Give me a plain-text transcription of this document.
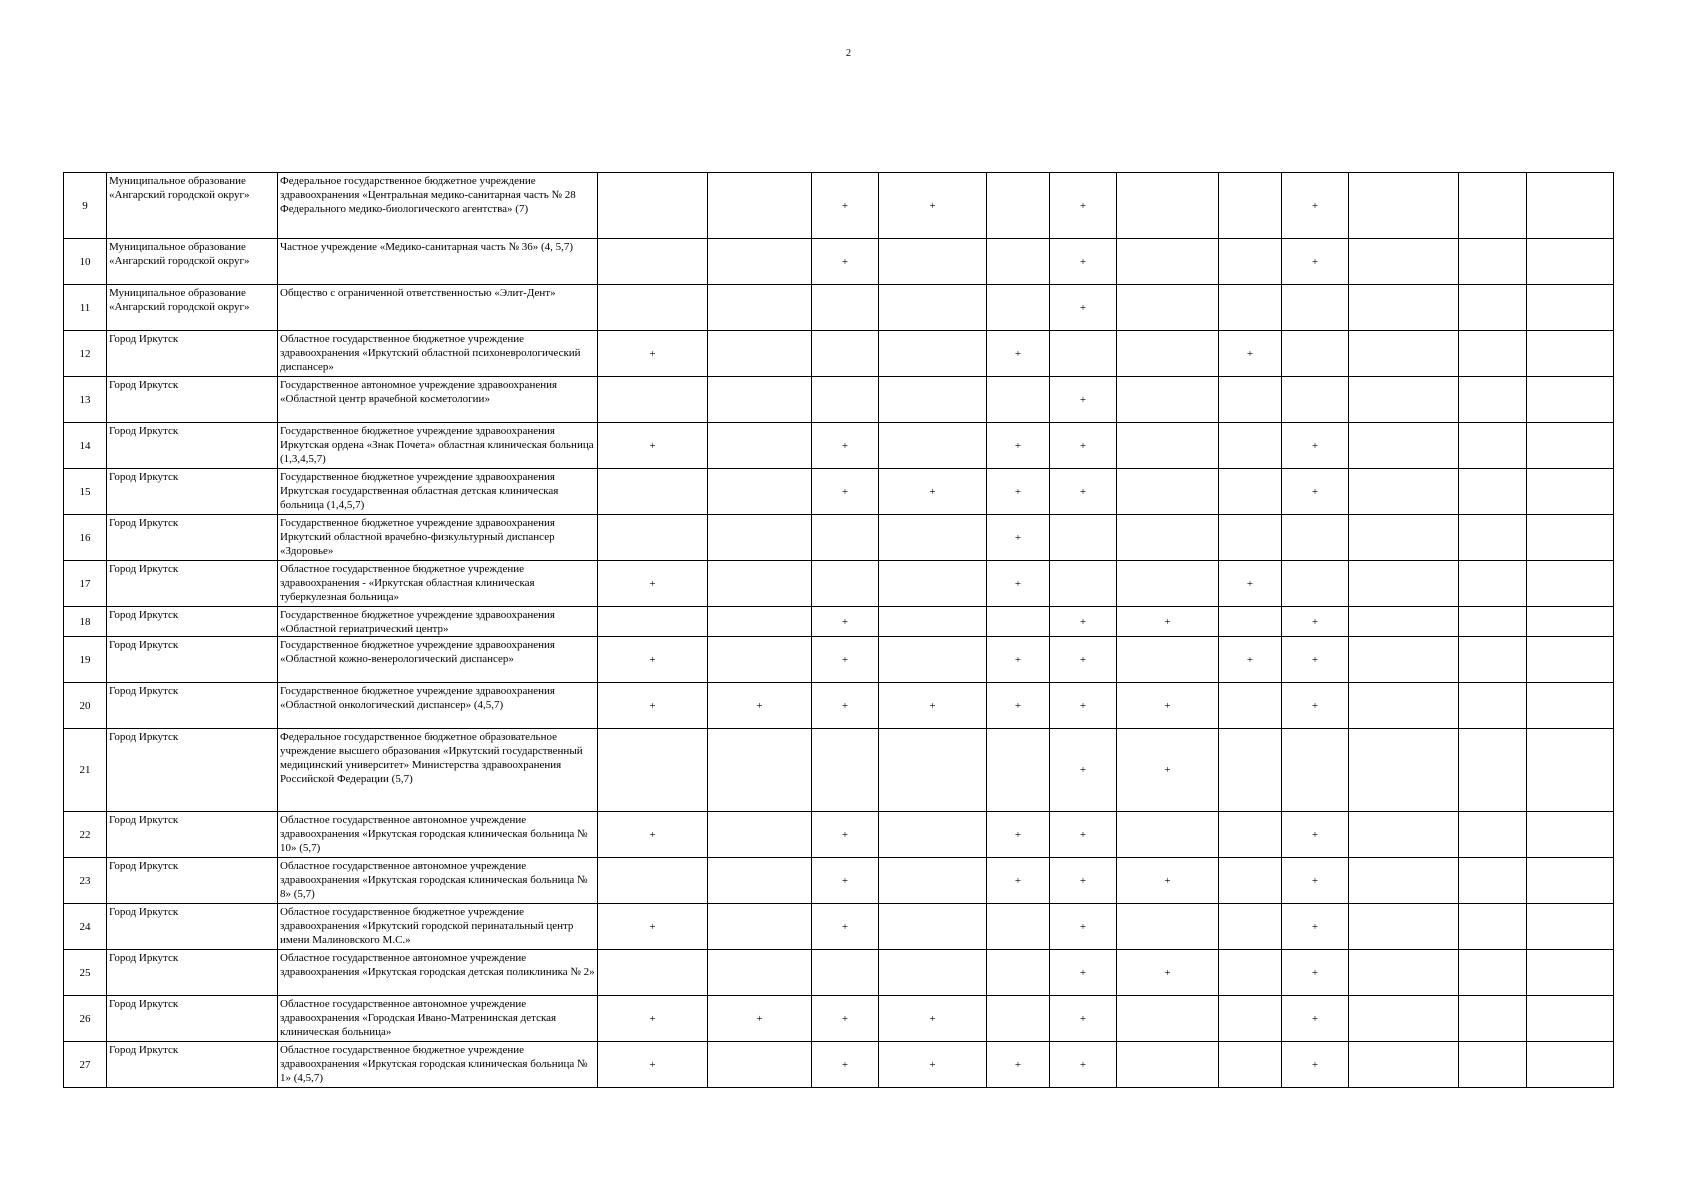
2
9	Муниципальное образование «Ангарский городской округ»	Федеральное государственное бюджетное учреждение здравоохранения «Центральная медико-санитарная часть № 28 Федерального медико-биологического агентства» (7)			+	+		+			+			
10	Муниципальное образование «Ангарский городской округ»	Частное учреждение «Медико-санитарная часть № 36» (4, 5,7)			+			+			+			
11	Муниципальное образование «Ангарский городской округ»	Общество с ограниченной ответственностью «Элит-Дент»						+						
12	Город Иркутск	Областное государственное бюджетное учреждение здравоохранения «Иркутский областной психоневрологический диспансер»	+				+			+				
13	Город Иркутск	Государственное автономное учреждение здравоохранения «Областной центр врачебной косметологии»						+						
14	Город Иркутск	Государственное бюджетное учреждение здравоохранения Иркутская ордена «Знак Почета» областная клиническая больница (1,3,4,5,7)	+		+		+	+			+			
15	Город Иркутск	Государственное бюджетное учреждение здравоохранения Иркутская государственная областная детская клиническая больница (1,4,5,7)			+	+	+	+			+			
16	Город Иркутск	Государственное бюджетное учреждение здравоохранения Иркутский областной врачебно-физкультурный диспансер «Здоровье»					+							
17	Город Иркутск	Областное государственное бюджетное учреждение здравоохранения - «Иркутская областная клиническая туберкулезная больница»	+				+			+				
18	Город Иркутск	Государственное бюджетное учреждение здравоохранения «Областной гериатрический центр»			+			+	+		+			
19	Город Иркутск	Государственное бюджетное учреждение здравоохранения «Областной кожно-венерологический диспансер»	+		+		+	+		+	+			
20	Город Иркутск	Государственное бюджетное учреждение здравоохранения «Областной онкологический диспансер» (4,5,7)	+	+	+	+	+	+	+		+			
21	Город Иркутск	Федеральное государственное бюджетное образовательное учреждение высшего образования «Иркутский государственный медицинский университет» Министерства здравоохранения Российской Федерации (5,7)						+	+					
22	Город Иркутск	Областное государственное автономное учреждение здравоохранения «Иркутская городская клиническая больница № 10» (5,7)	+		+		+	+			+			
23	Город Иркутск	Областное государственное автономное учреждение здравоохранения «Иркутская городская клиническая больница № 8» (5,7)			+		+	+	+		+			
24	Город Иркутск	Областное государственное бюджетное учреждение здравоохранения «Иркутский городской перинатальный центр имени Малиновского М.С.»	+		+			+			+			
25	Город Иркутск	Областное государственное автономное учреждение здравоохранения «Иркутская городская детская поликлиника № 2»						+	+		+			
26	Город Иркутск	Областное государственное автономное учреждение здравоохранения «Городская Ивано-Матренинская детская клиническая больница»	+	+	+	+		+			+			
27	Город Иркутск	Областное государственное бюджетное учреждение здравоохранения «Иркутская городская клиническая больница № 1» (4,5,7)	+		+	+	+	+			+			
